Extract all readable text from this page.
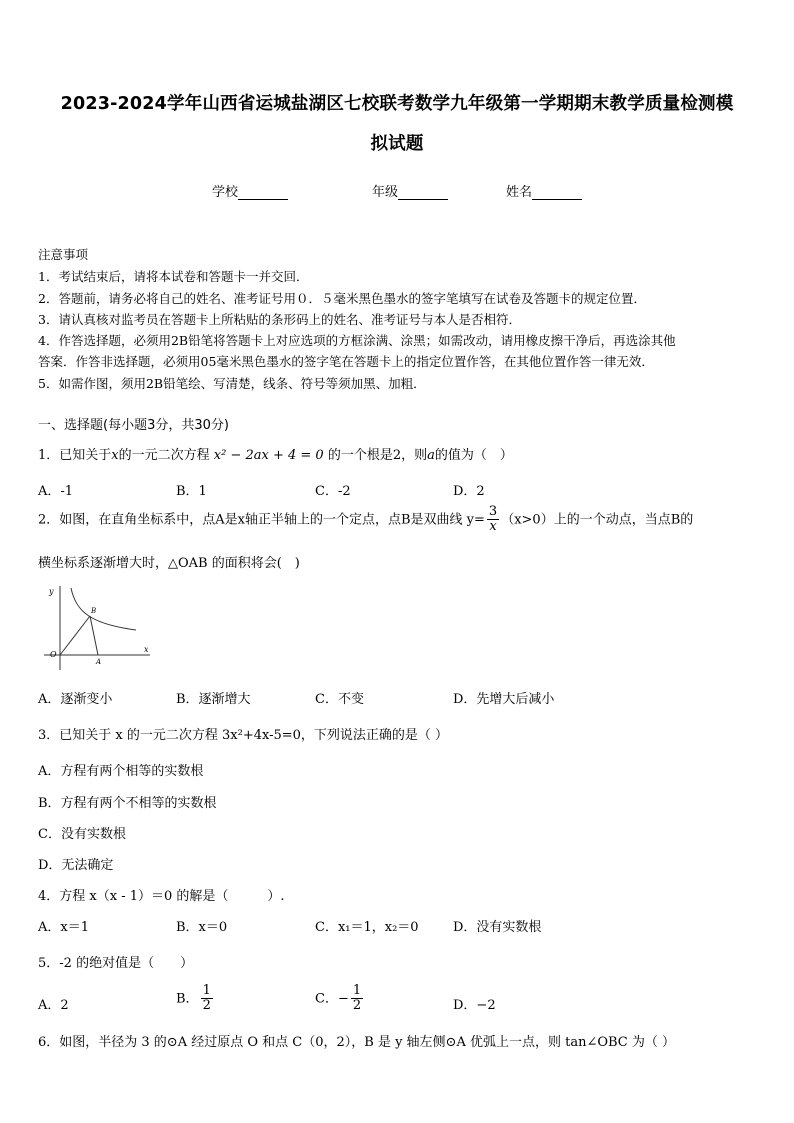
2023-2024学年山西省运城盐湖区七校联考数学九年级第一学期期末教学质量检测模
拟试题
学校	年级	姓名
注意事项
1．考试结束后，请将本试卷和答题卡一并交回．
2．答题前，请务必将自己的姓名、准考证号用０．５毫米黑色墨水的签字笔填写在试卷及答题卡的规定位置．
3．请认真核对监考员在答题卡上所粘贴的条形码上的姓名、准考证号与本人是否相符．
4．作答选择题，必须用2B铅笔将答题卡上对应选项的方框涂满、涂黑；如需改动，请用橡皮擦干净后，再选涂其他
答案．作答非选择题，必须用05毫米黑色墨水的签字笔在答题卡上的指定位置作答，在其他位置作答一律无效．
5．如需作图，须用2B铅笔绘、写清楚，线条、符号等须加黑、加粗．
一、选择题(每小题3分，共30分)
1．已知关于x的一元二次方程 x² − 2ax + 4 = 0 的一个根是2，则a的值为（　）
A．-1	B．1	C．-2	D．2
2．如图，在直角坐标系中，点A是x轴正半轴上的一个定点，点B是双曲线 $y= \frac{3}{x} (x>0)$上的一个动点，当点B的
横坐标系逐渐增大时，△OAB 的面积将会(　)
y
x
O
A
B
A．逐渐变小	B．逐渐增大	C．不变	D．先增大后减小
3．已知关于 x 的一元二次方程 3x²+4x-5=0，下列说法正确的是（ ）
A．方程有两个相等的实数根
B．方程有两个不相等的实数根
C．没有实数根
D．无法确定
4．方程 x（x - 1）＝0 的解是（　　　）.
A．x＝1	B．x＝0	C．x₁＝1，x₂＝0	D．没有实数根
5．-2 的绝对值是（　　）
A．2	B． $\frac{1}{2}$	C．− $\frac{1}{2}$	D．−2
6．如图，半径为 3 的⊙A 经过原点 O 和点 C（0，2），B 是 y 轴左侧⊙A 优弧上一点，则 tan∠OBC 为（ ）
